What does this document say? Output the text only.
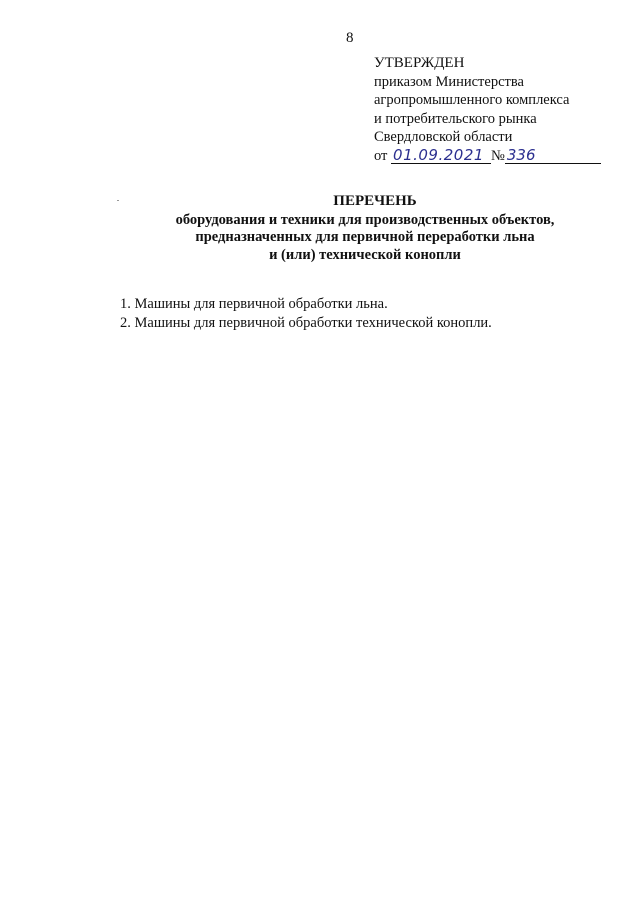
8
УТВЕРЖДЕН
приказом Министерства
агропромышленного комплекса
и потребительского рынка
Свердловской области
от 01.09.2021 № 336
ПЕРЕЧЕНЬ
оборудования и техники для производственных объектов,
предназначенных для первичной переработки льна
и (или) технической конопли
1. Машины для первичной обработки льна.
2. Машины для первичной обработки технической конопли.
